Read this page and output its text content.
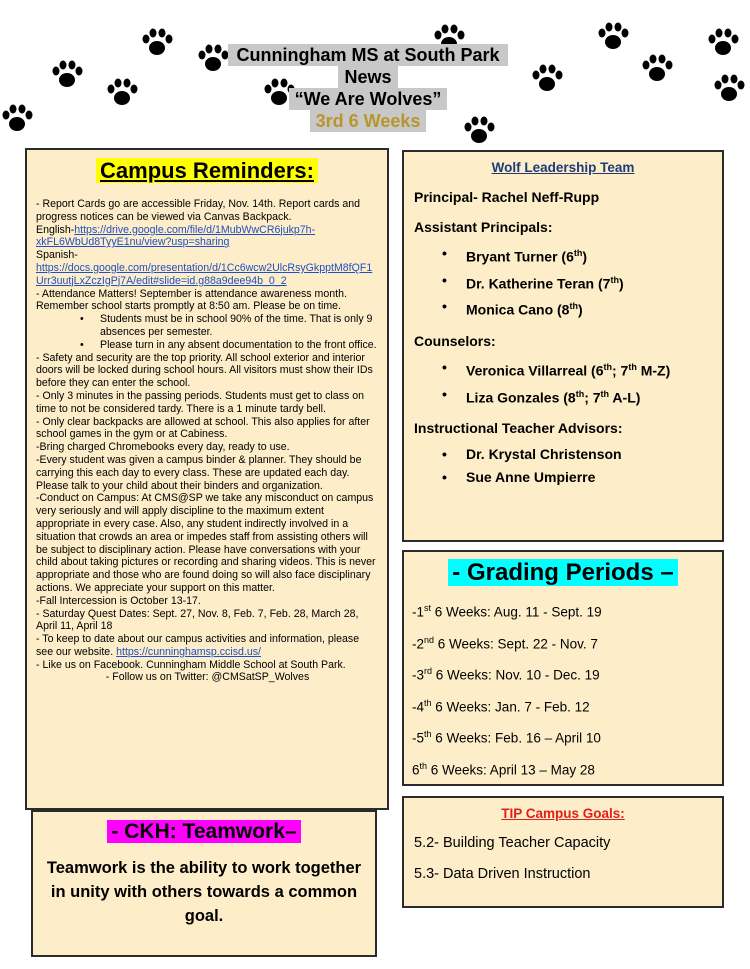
Cunningham MS at South Park
News
“We Are Wolves”
3rd 6 Weeks
Campus Reminders:

- Report Cards go are accessible Friday, Nov. 14th. Report cards and progress notices can be viewed via Canvas Backpack.

English-https://drive.google.com/file/d/1MubWwCR6jukp7h-xkFL6WbUd8TyyE1nu/view?usp=sharing

Spanish-

https://docs.google.com/presentation/d/1Cc6wcw2UlcRsyGkpptM8fQF1Urr3uutjLxZczIgPj7A/edit#slide=id.g88a9dee94b_0_2

- Attendance Matters! September is attendance awareness month. Remember school starts promptly at 8:50 am. Please be on time.

• Students must be in school 90% of the time. That is only 9 absences per semester.
• Please turn in any absent documentation to the front office.

- Safety and security are the top priority. All school exterior and interior doors will be locked during school hours. All visitors must show their IDs before they can enter the school.

- Only 3 minutes in the passing periods. Students must get to class on time to not be considered tardy. There is a 1 minute tardy bell.

- Only clear backpacks are allowed at school. This also applies for after school games in the gym or at Cabiness.

-Bring charged Chromebooks every day, ready to use.

-Every student was given a campus binder & planner. They should be carrying this each day to every class. These are updated each day. Please talk to your child about their binders and organization.

-Conduct on Campus: At CMS@SP we take any misconduct on campus very seriously and will apply discipline to the maximum extent appropriate in every case. Also, any student indirectly involved in a situation that crowds an area or impedes staff from assisting others will be subject to disciplinary action. Please have conversations with your child about taking pictures or recording and sharing videos. This is never appropriate and those who are found doing so will also face disciplinary actions. We appreciate your support on this matter.

-Fall Intercession is October 13-17.

- Saturday Quest Dates: Sept. 27, Nov. 8, Feb. 7, Feb. 28, March 28, April 11, April 18

- To keep to date about our campus activities and information, please see our website. https://cunninghamsp.ccisd.us/

- Like us on Facebook. Cunningham Middle School at South Park.

- Follow us on Twitter: @CMSatSP_Wolves

Wolf Leadership Team
Principal- Rachel Neff-Rupp
Assistant Principals:
• Bryant Turner (6th)
• Dr. Katherine Teran (7th)
• Monica Cano (8th)
Counselors:
• Veronica Villarreal (6th; 7th M-Z)
• Liza Gonzales (8th; 7th A-L)
Instructional Teacher Advisors:
• Dr. Krystal Christenson
• Sue Anne Umpierre
- Grading Periods –
-1st 6 Weeks: Aug. 11 - Sept. 19
-2nd 6 Weeks: Sept. 22 - Nov. 7
-3rd 6 Weeks: Nov. 10 - Dec. 19
-4th 6 Weeks: Jan. 7 - Feb. 12
-5th 6 Weeks: Feb. 16 – April 10
6th 6 Weeks: April 13 – May 28
TIP Campus Goals:
5.2- Building Teacher Capacity
5.3- Data Driven Instruction
- CKH: Teamwork–
Teamwork is the ability to work together in unity with others towards a common goal.
